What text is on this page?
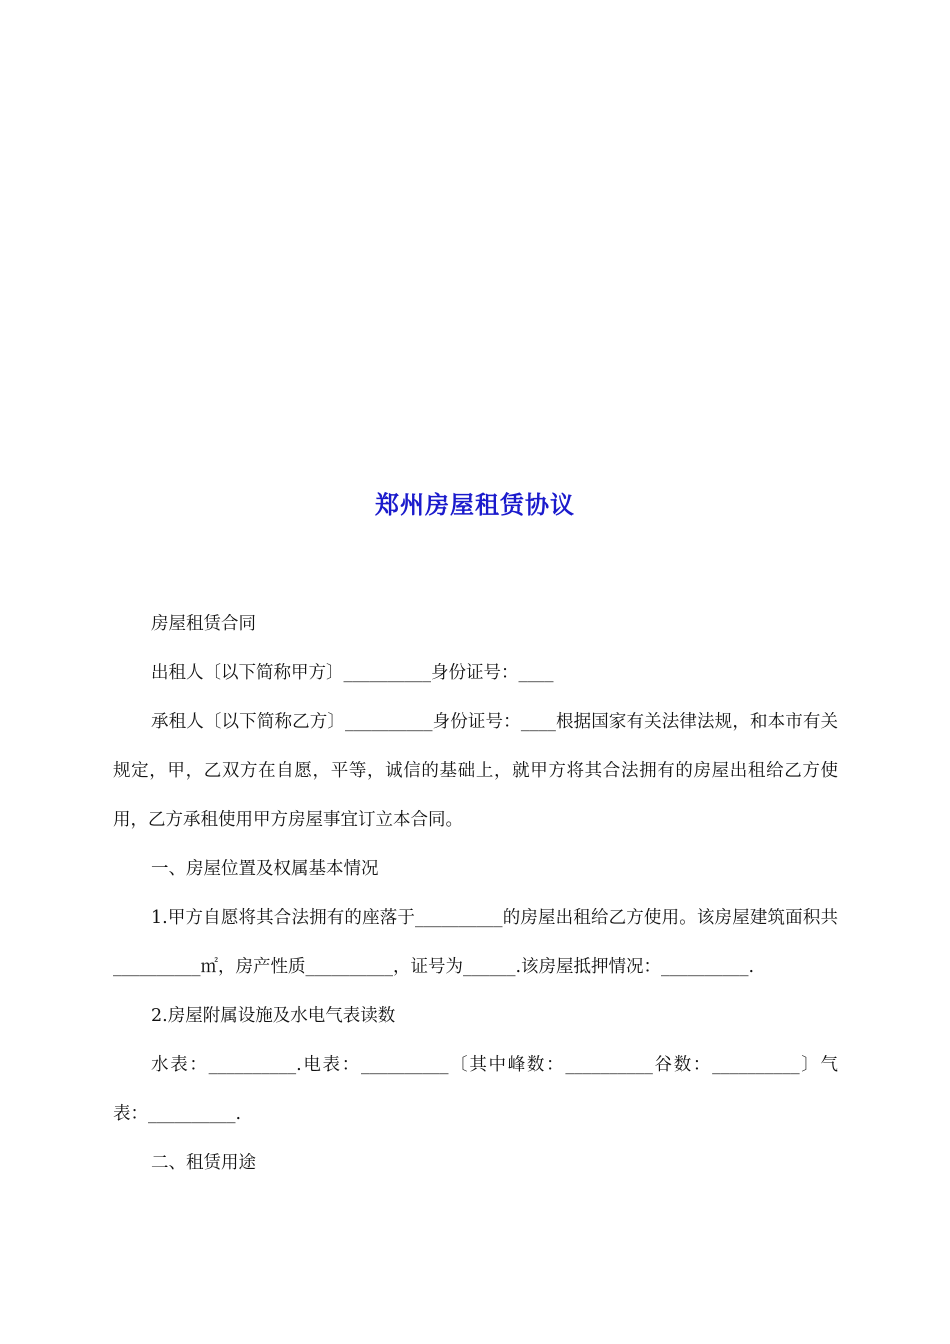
郑州房屋租赁协议

房屋租赁合同

出租人〔以下简称甲方〕__________身份证号：____

承租人〔以下简称乙方〕__________身份证号：____根据国家有关法律法规，和本市有关规定，甲，乙双方在自愿，平等，诚信的基础上，就甲方将其合法拥有的房屋出租给乙方使用，乙方承租使用甲方房屋事宜订立本合同。

一、房屋位置及权属基本情况

1.甲方自愿将其合法拥有的座落于__________的房屋出租给乙方使用。该房屋建筑面积共__________㎡，房产性质__________，证号为______.该房屋抵押情况：__________.

2.房屋附属设施及水电气表读数

水表：__________.电表：__________〔其中峰数：__________谷数：__________〕气表：__________.

二、租赁用途
